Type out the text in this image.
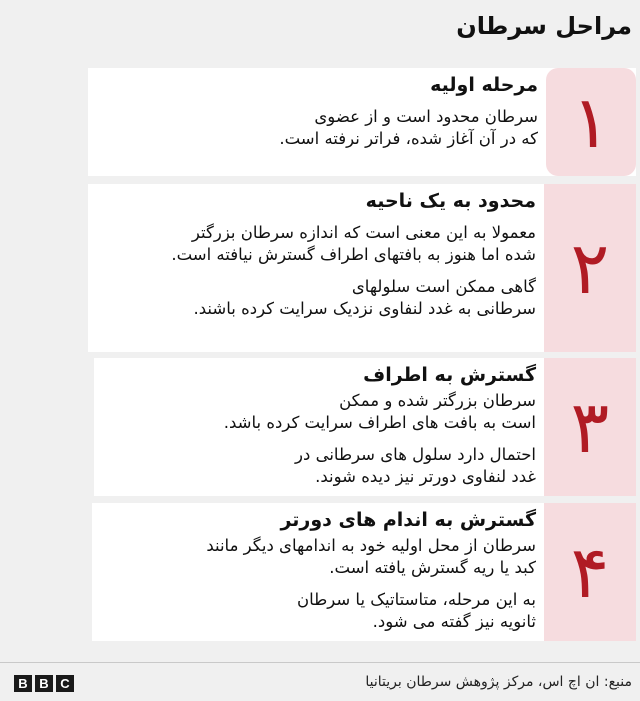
مراحل سرطان
۱
مرحله اولیه
سرطان محدود است و از عضوی
که در آن آغاز شده، فراتر نرفته است.
محدود به یک ناحیه
معمولا به این معنی است که اندازه سرطان بزرگتر
شده اما هنوز به بافتهای اطراف گسترش نیافته است.
گاهی ممکن است سلولهای
سرطانی به غدد لنفاوی نزدیک سرایت کرده باشند. ۲
گسترش به اطراف
سرطان بزرگتر شده و ممکن
است به بافت های اطراف سرایت کرده باشد.
احتمال دارد سلول های سرطانی در
غدد لنفاوی دورتر نیز دیده شوند.
۳
گسترش به اندام های دورتر
سرطان از محل اولیه خود به اندامهای دیگر مانند
کبد یا ریه گسترش یافته است.
به این مرحله، متاستاتیک یا سرطان
ثانویه نیز گفته می شود.
۴
B B C	منبع: ان اچ اس، مرکز پژوهش سرطان بریتانیا
